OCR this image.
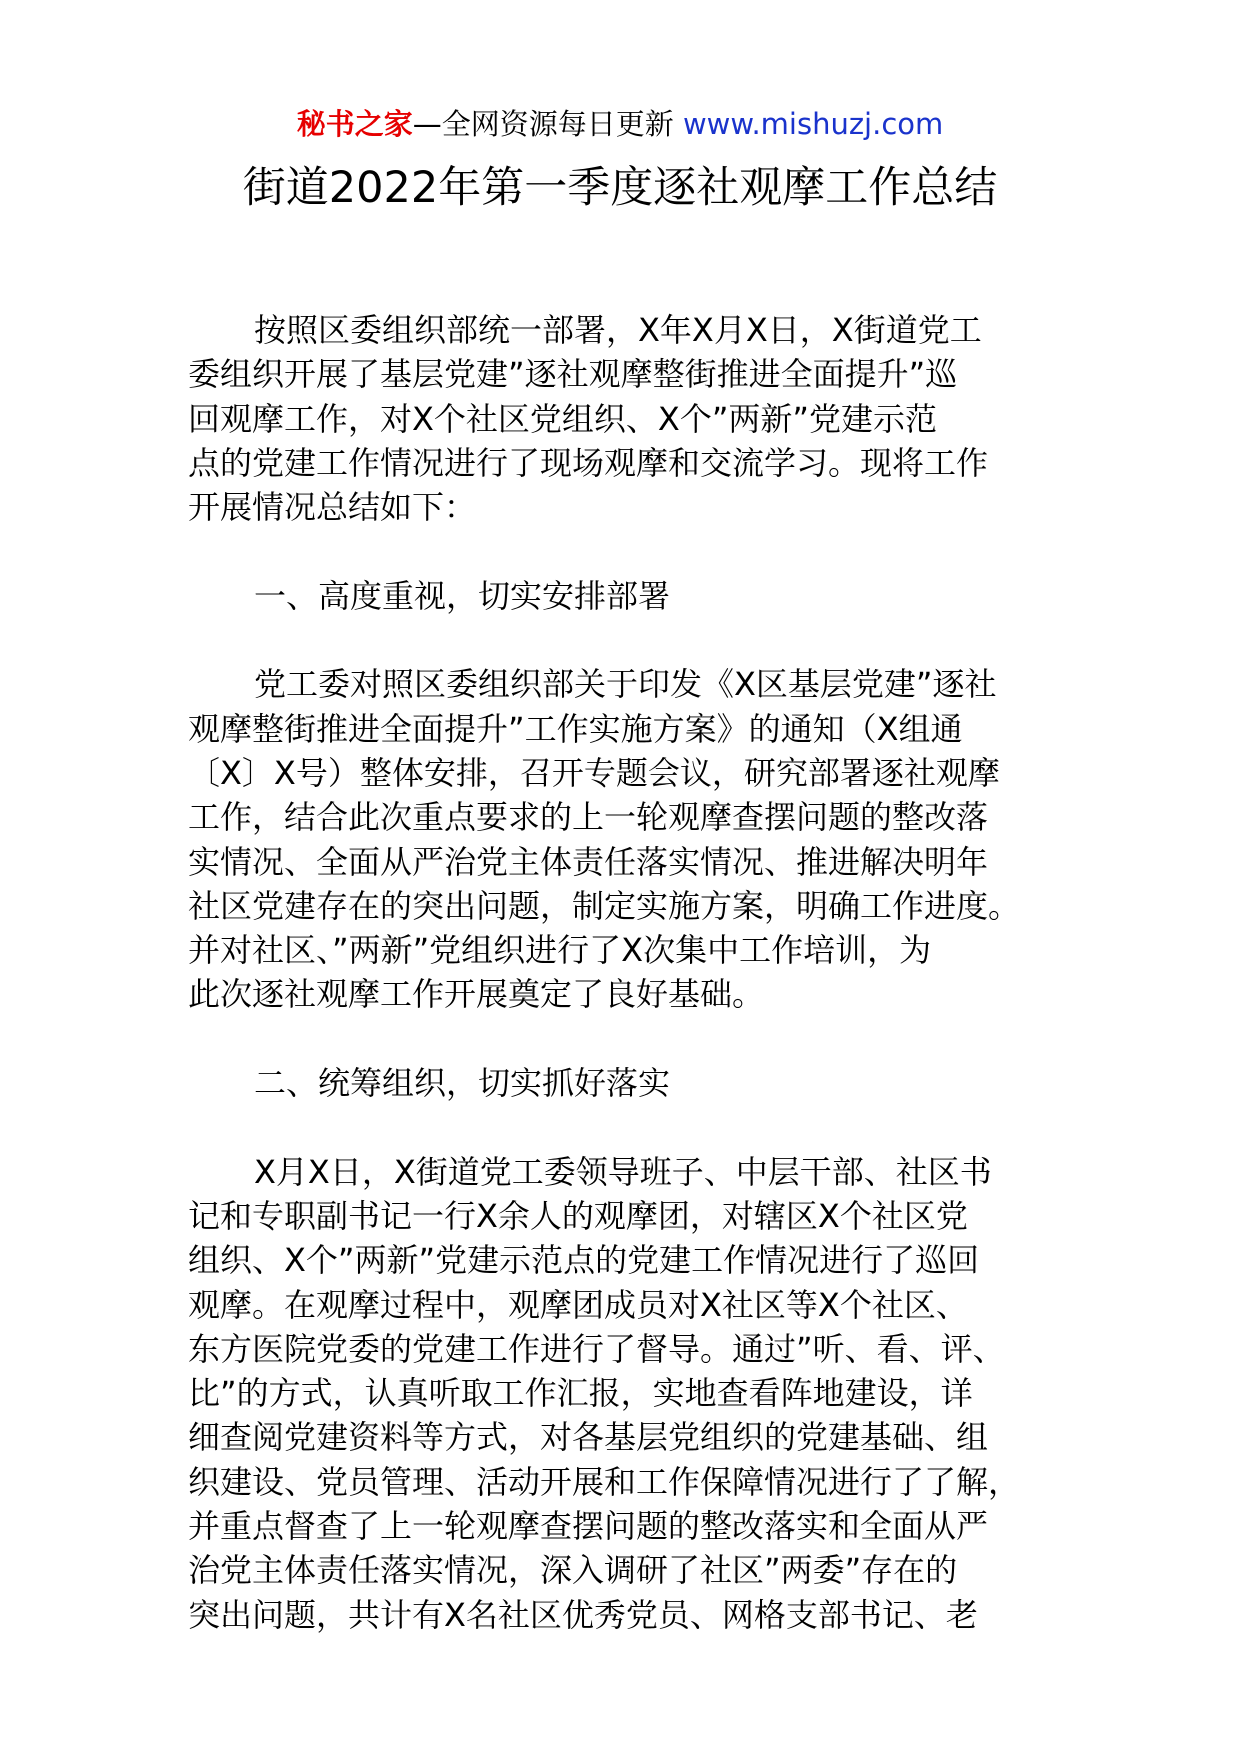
秘书之家—全网资源每日更新 www.mishuzj.com
街道2022年第一季度逐社观摩工作总结

按照区委组织部统一部署，X年X月X日，X街道党工
委组织开展了基层党建”逐社观摩整街推进全面提升”巡
回观摩工作，对X个社区党组织、X个”两新”党建示范
点的党建工作情况进行了现场观摩和交流学习。现将工作
开展情况总结如下：

一、高度重视，切实安排部署

党工委对照区委组织部关于印发《X区基层党建”逐社
观摩整街推进全面提升”工作实施方案》的通知（X组通
〔X〕X号）整体安排，召开专题会议，研究部署逐社观摩
工作，结合此次重点要求的上一轮观摩查摆问题的整改落
实情况、全面从严治党主体责任落实情况、推进解决明年
社区党建存在的突出问题，制定实施方案，明确工作进度。
并对社区、”两新”党组织进行了X次集中工作培训，为
此次逐社观摩工作开展奠定了良好基础。

二、统筹组织，切实抓好落实

X月X日，X街道党工委领导班子、中层干部、社区书
记和专职副书记一行X余人的观摩团，对辖区X个社区党
组织、X个”两新”党建示范点的党建工作情况进行了巡回
观摩。在观摩过程中，观摩团成员对X社区等X个社区、
东方医院党委的党建工作进行了督导。通过”听、看、评、
比”的方式，认真听取工作汇报，实地查看阵地建设，详
细查阅党建资料等方式，对各基层党组织的党建基础、组
织建设、党员管理、活动开展和工作保障情况进行了了解，
并重点督查了上一轮观摩查摆问题的整改落实和全面从严
治党主体责任落实情况，深入调研了社区”两委”存在的
突出问题，共计有X名社区优秀党员、网格支部书记、老
